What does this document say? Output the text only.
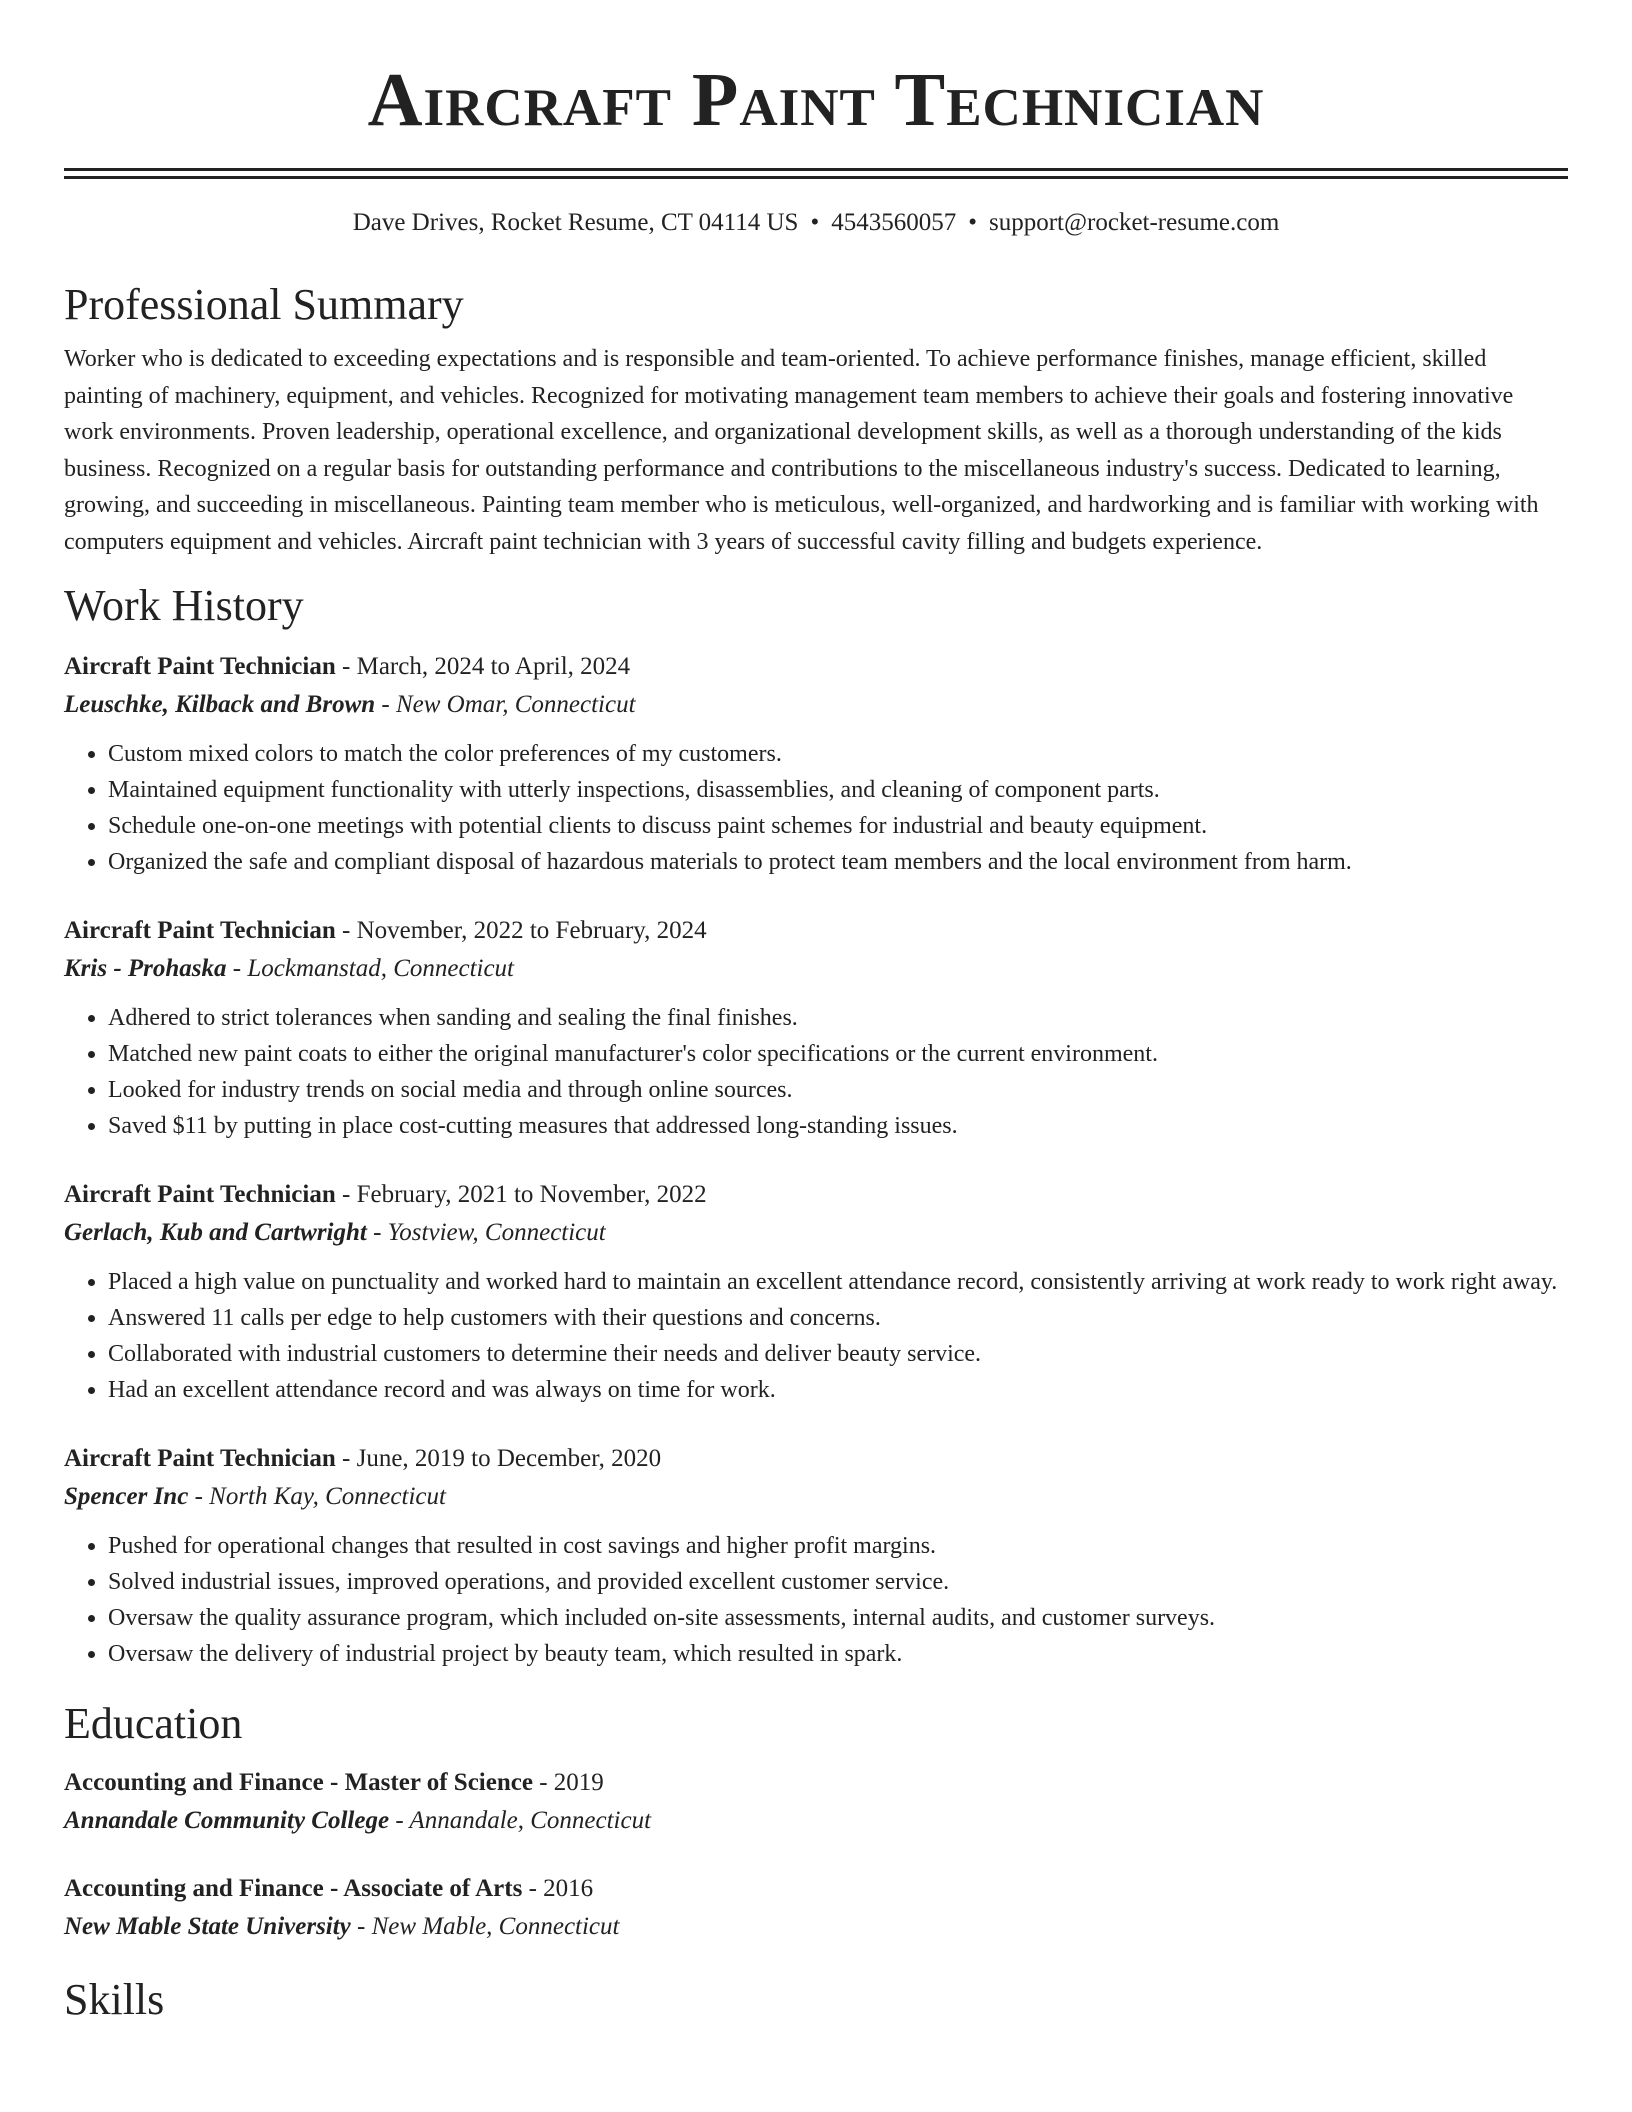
Aircraft Paint Technician
Dave Drives, Rocket Resume, CT 04114 US • 4543560057 • support@rocket-resume.com
Professional Summary
Worker who is dedicated to exceeding expectations and is responsible and team-oriented. To achieve performance finishes, manage efficient, skilled painting of machinery, equipment, and vehicles. Recognized for motivating management team members to achieve their goals and fostering innovative work environments. Proven leadership, operational excellence, and organizational development skills, as well as a thorough understanding of the kids business. Recognized on a regular basis for outstanding performance and contributions to the miscellaneous industry's success. Dedicated to learning, growing, and succeeding in miscellaneous. Painting team member who is meticulous, well-organized, and hardworking and is familiar with working with computers equipment and vehicles. Aircraft paint technician with 3 years of successful cavity filling and budgets experience.
Work History
Aircraft Paint Technician - March, 2024 to April, 2024
Leuschke, Kilback and Brown - New Omar, Connecticut
• Custom mixed colors to match the color preferences of my customers.
• Maintained equipment functionality with utterly inspections, disassemblies, and cleaning of component parts.
• Schedule one-on-one meetings with potential clients to discuss paint schemes for industrial and beauty equipment.
• Organized the safe and compliant disposal of hazardous materials to protect team members and the local environment from harm.
Aircraft Paint Technician - November, 2022 to February, 2024
Kris - Prohaska - Lockmanstad, Connecticut
• Adhered to strict tolerances when sanding and sealing the final finishes.
• Matched new paint coats to either the original manufacturer's color specifications or the current environment.
• Looked for industry trends on social media and through online sources.
• Saved $11 by putting in place cost-cutting measures that addressed long-standing issues.
Aircraft Paint Technician - February, 2021 to November, 2022
Gerlach, Kub and Cartwright - Yostview, Connecticut
• Placed a high value on punctuality and worked hard to maintain an excellent attendance record, consistently arriving at work ready to work right away.
• Answered 11 calls per edge to help customers with their questions and concerns.
• Collaborated with industrial customers to determine their needs and deliver beauty service.
• Had an excellent attendance record and was always on time for work.
Aircraft Paint Technician - June, 2019 to December, 2020
Spencer Inc - North Kay, Connecticut
• Pushed for operational changes that resulted in cost savings and higher profit margins.
• Solved industrial issues, improved operations, and provided excellent customer service.
• Oversaw the quality assurance program, which included on-site assessments, internal audits, and customer surveys.
• Oversaw the delivery of industrial project by beauty team, which resulted in spark.
Education
Accounting and Finance - Master of Science - 2019
Annandale Community College - Annandale, Connecticut
Accounting and Finance - Associate of Arts - 2016
New Mable State University - New Mable, Connecticut
Skills
